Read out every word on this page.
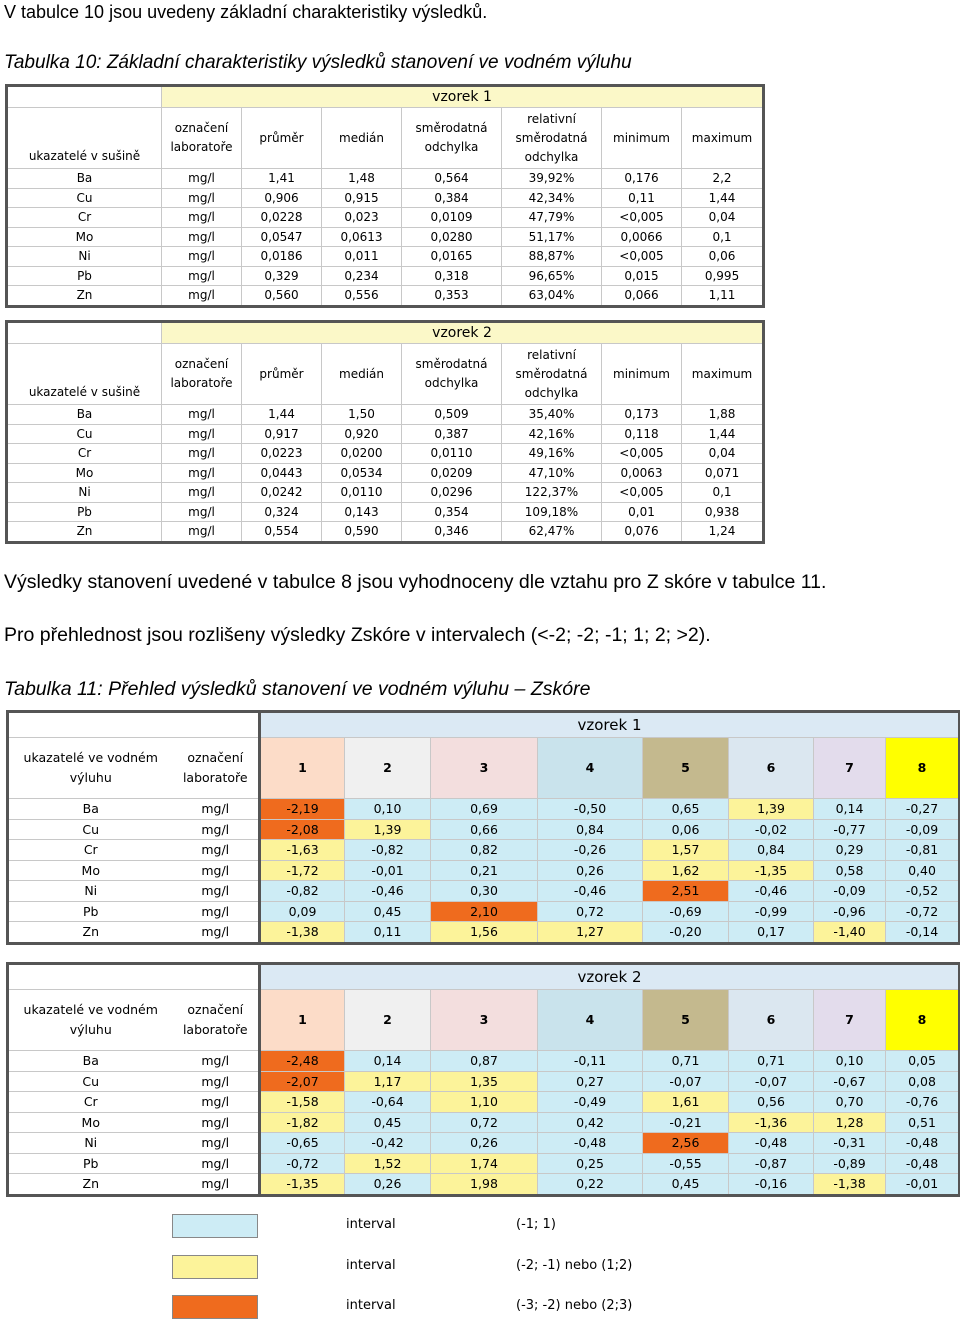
V tabulce 10 jsou uvedeny základní charakteristiky výsledků.
Tabulka 10: Základní charakteristiky výsledků stanovení ve vodném výluhu
	vzorek 1						
ukazatelé v sušině	označení laboratoře	průměr	medián	směrodatná odchylka	relativní směrodatná odchylka	minimum	maximum
Ba	mg/l	1,41	1,48	0,564	39,92%	0,176	2,2
Cu	mg/l	0,906	0,915	0,384	42,34%	0,11	1,44
Cr	mg/l	0,0228	0,023	0,0109	47,79%	<0,005	0,04
Mo	mg/l	0,0547	0,0613	0,0280	51,17%	0,0066	0,1
Ni	mg/l	0,0186	0,011	0,0165	88,87%	<0,005	0,06
Pb	mg/l	0,329	0,234	0,318	96,65%	0,015	0,995
Zn	mg/l	0,560	0,556	0,353	63,04%	0,066	1,11
	vzorek 2						
ukazatelé v sušině	označení laboratoře	průměr	medián	směrodatná odchylka	relativní směrodatná odchylka	minimum	maximum
Ba	mg/l	1,44	1,50	0,509	35,40%	0,173	1,88
Cu	mg/l	0,917	0,920	0,387	42,16%	0,118	1,44
Cr	mg/l	0,0223	0,0200	0,0110	49,16%	<0,005	0,04
Mo	mg/l	0,0443	0,0534	0,0209	47,10%	0,0063	0,071
Ni	mg/l	0,0242	0,0110	0,0296	122,37%	<0,005	0,1
Pb	mg/l	0,324	0,143	0,354	109,18%	0,01	0,938
Zn	mg/l	0,554	0,590	0,346	62,47%	0,076	1,24
Výsledky stanovení uvedené v tabulce 8 jsou vyhodnoceny dle vztahu pro Z skóre v tabulce 11.
Pro přehlednost jsou rozlišeny výsledky Zskóre v intervalech (<-2; -2; -1; 1; 2; >2).
Tabulka 11: Přehled výsledků stanovení ve vodném výluhu – Zskóre
		vzorek 1							
ukazatelé ve vodném výluhu	označení laboratoře	1	2	3	4	5	6	7	8
Ba	mg/l	-2,19	0,10	0,69	-0,50	0,65	1,39	0,14	-0,27
Cu	mg/l	-2,08	1,39	0,66	0,84	0,06	-0,02	-0,77	-0,09
Cr	mg/l	-1,63	-0,82	0,82	-0,26	1,57	0,84	0,29	-0,81
Mo	mg/l	-1,72	-0,01	0,21	0,26	1,62	-1,35	0,58	0,40
Ni	mg/l	-0,82	-0,46	0,30	-0,46	2,51	-0,46	-0,09	-0,52
Pb	mg/l	0,09	0,45	2,10	0,72	-0,69	-0,99	-0,96	-0,72
Zn	mg/l	-1,38	0,11	1,56	1,27	-0,20	0,17	-1,40	-0,14
		vzorek 2							
ukazatelé ve vodném výluhu	označení laboratoře	1	2	3	4	5	6	7	8
Ba	mg/l	-2,48	0,14	0,87	-0,11	0,71	0,71	0,10	0,05
Cu	mg/l	-2,07	1,17	1,35	0,27	-0,07	-0,07	-0,67	0,08
Cr	mg/l	-1,58	-0,64	1,10	-0,49	1,61	0,56	0,70	-0,76
Mo	mg/l	-1,82	0,45	0,72	0,42	-0,21	-1,36	1,28	0,51
Ni	mg/l	-0,65	-0,42	0,26	-0,48	2,56	-0,48	-0,31	-0,48
Pb	mg/l	-0,72	1,52	1,74	0,25	-0,55	-0,87	-0,89	-0,48
Zn	mg/l	-1,35	0,26	1,98	0,22	0,45	-0,16	-1,38	-0,01
interval	(-1; 1)
interval	(-2; -1) nebo (1;2)
interval	(-3; -2) nebo (2;3)
